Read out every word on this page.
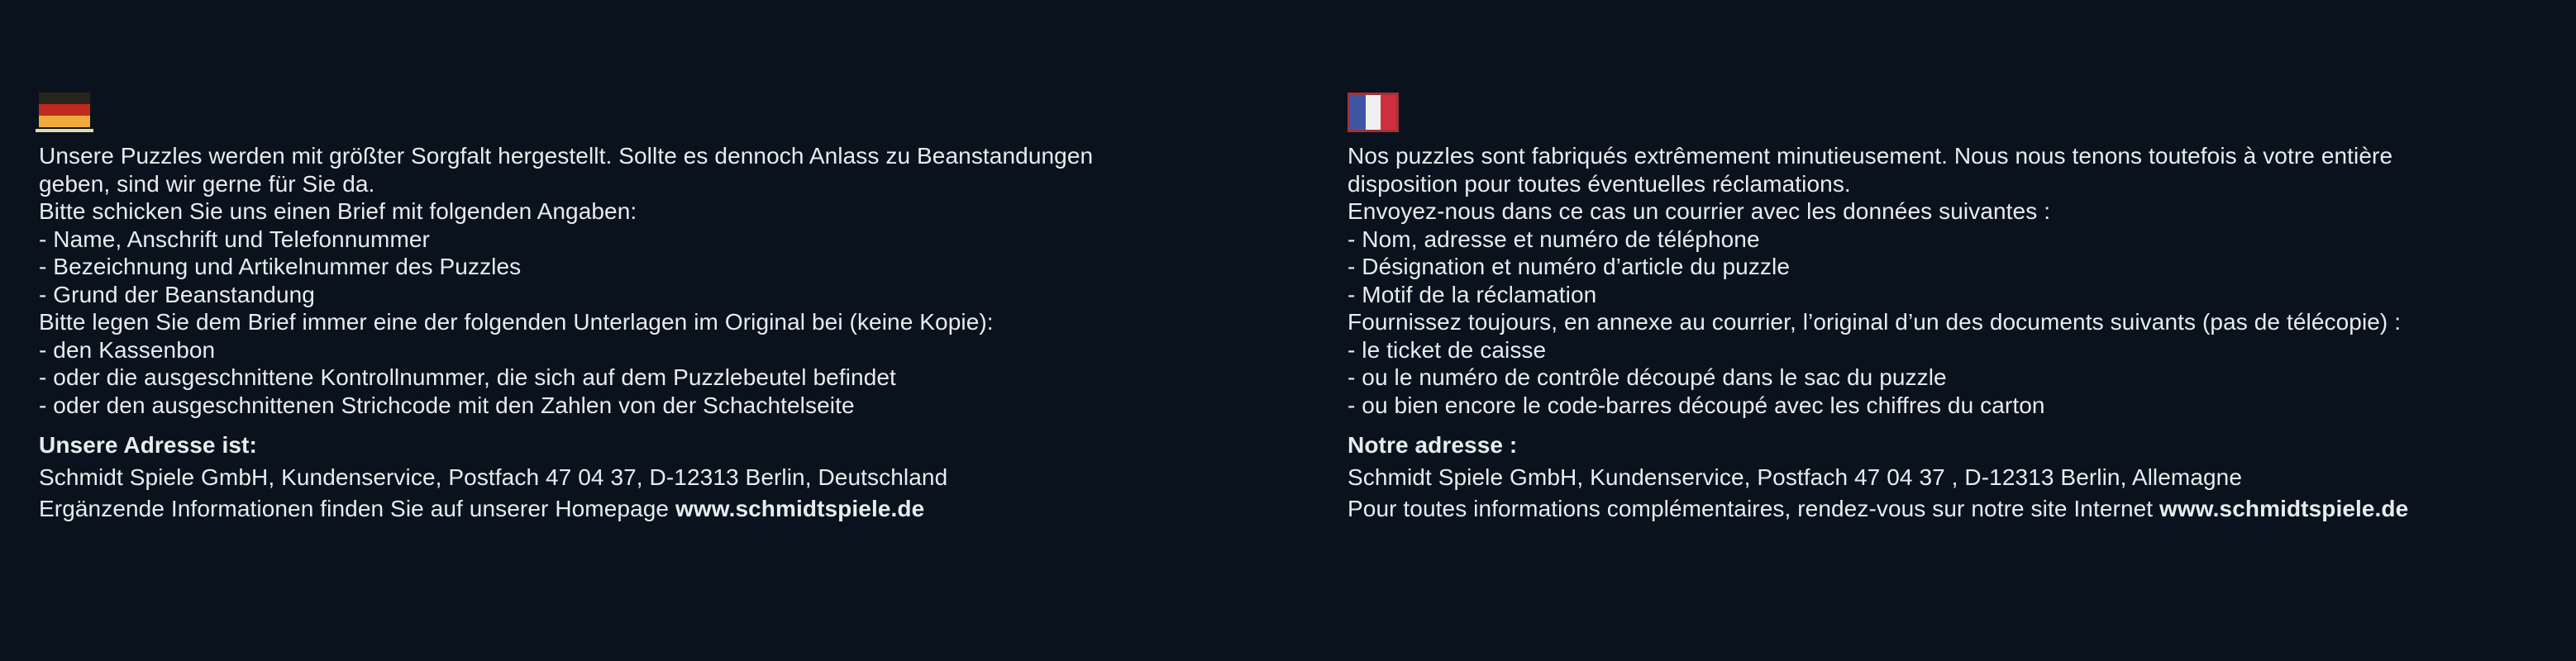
Unsere Puzzles werden mit größter Sorgfalt hergestellt. Sollte es dennoch Anlass zu Beanstandungen
geben, sind wir gerne für Sie da.
Bitte schicken Sie uns einen Brief mit folgenden Angaben:
- Name, Anschrift und Telefonnummer
- Bezeichnung und Artikelnummer des Puzzles
- Grund der Beanstandung
Bitte legen Sie dem Brief immer eine der folgenden Unterlagen im Original bei (keine Kopie):
- den Kassenbon
- oder die ausgeschnittene Kontrollnummer, die sich auf dem Puzzlebeutel befindet
- oder den ausgeschnittenen Strichcode mit den Zahlen von der Schachtelseite
Unsere Adresse ist:
Schmidt Spiele GmbH, Kundenservice, Postfach 47 04 37, D-12313 Berlin, Deutschland
Ergänzende Informationen finden Sie auf unserer Homepage www.schmidtspiele.de
Nos puzzles sont fabriqués extrêmement minutieusement. Nous nous tenons toutefois à votre entière
disposition pour toutes éventuelles réclamations.
Envoyez-nous dans ce cas un courrier avec les données suivantes :
- Nom, adresse et numéro de téléphone
- Désignation et numéro d’article du puzzle
- Motif de la réclamation
Fournissez toujours, en annexe au courrier, l’original d’un des documents suivants (pas de télécopie) :
- le ticket de caisse
- ou le numéro de contrôle découpé dans le sac du puzzle
- ou bien encore le code-barres découpé avec les chiffres du carton
Notre adresse :
Schmidt Spiele GmbH, Kundenservice, Postfach 47 04 37 , D-12313 Berlin, Allemagne
Pour toutes informations complémentaires, rendez-vous sur notre site Internet www.schmidtspiele.de
